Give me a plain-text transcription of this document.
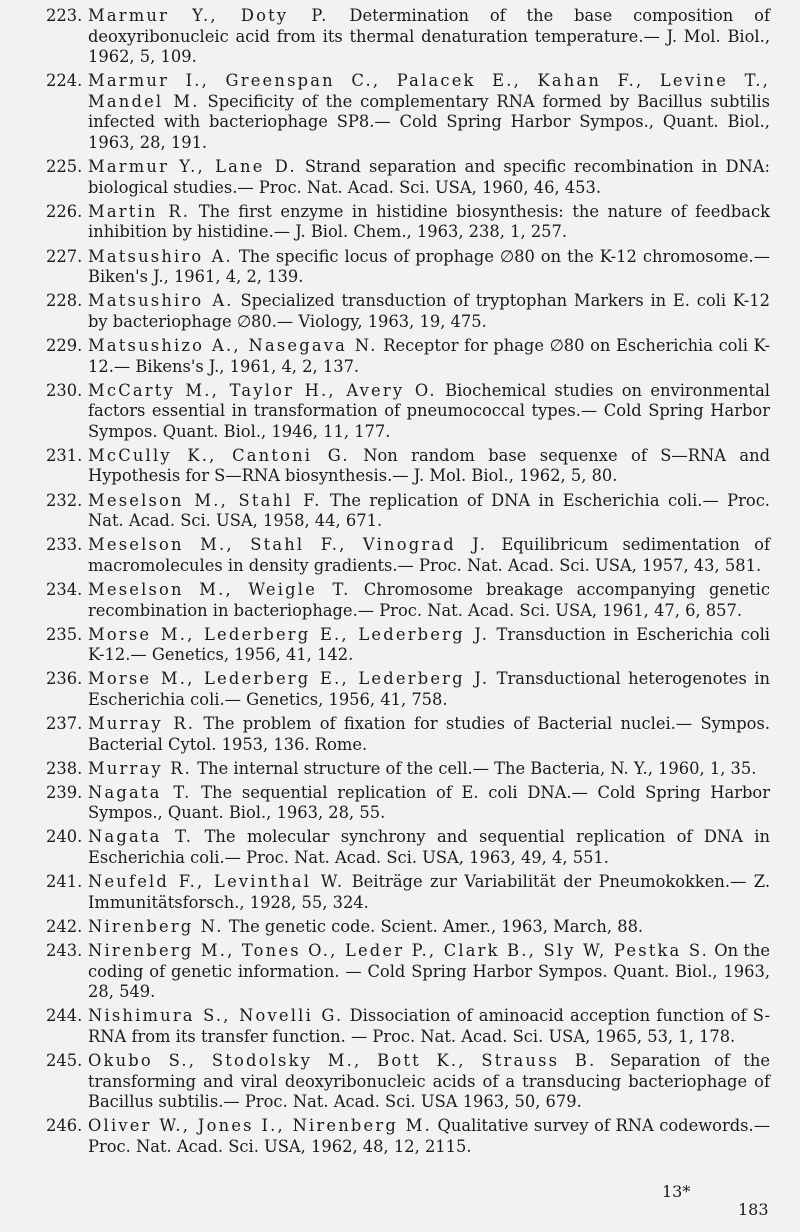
223. Marmur Y., Doty P. Determination of the base composition of deoxyribonucleic acid from its thermal denaturation temperature.— J. Mol. Biol., 1962, 5, 109.
224. Marmur I., Greenspan C., Palacek E., Kahan F., Levine T., Mandel M. Specificity of the complementary RNA formed by Bacillus subtilis infected with bacteriophage SP8.— Cold Spring Harbor Sympos., Quant. Biol., 1963, 28, 191.
225. Marmur Y., Lane D. Strand separation and specific recombination in DNA: biological studies.— Proc. Nat. Acad. Sci. USA, 1960, 46, 453.
226. Martin R. The first enzyme in histidine biosynthesis: the nature of feedback inhibition by histidine.— J. Biol. Chem., 1963, 238, 1, 257.
227. Matsushiro A. The specific locus of prophage ∅80 on the K-12 chromosome.— Biken's J., 1961, 4, 2, 139.
228. Matsushiro A. Specialized transduction of tryptophan Markers in E. coli K-12 by bacteriophage ∅80.— Viology, 1963, 19, 475.
229. Matsushizo A., Nasegava N. Receptor for phage ∅80 on Escherichia coli K-12.— Bikens's J., 1961, 4, 2, 137.
230. McCarty M., Taylor H., Avery O. Biochemical studies on environmental factors essential in transformation of pneumococcal types.— Cold Spring Harbor Sympos. Quant. Biol., 1946, 11, 177.
231. McCully K., Cantoni G. Non random base sequenxe of S—RNA and Hypothesis for S—RNA biosynthesis.— J. Mol. Biol., 1962, 5, 80.
232. Meselson M., Stahl F. The replication of DNA in Escherichia coli.— Proc. Nat. Acad. Sci. USA, 1958, 44, 671.
233. Meselson M., Stahl F., Vinograd J. Equilibricum sedimentation of macromolecules in density gradients.— Proc. Nat. Acad. Sci. USA, 1957, 43, 581.
234. Meselson M., Weigle T. Chromosome breakage accompanying genetic recombination in bacteriophage.— Proc. Nat. Acad. Sci. USA, 1961, 47, 6, 857.
235. Morse M., Lederberg E., Lederberg J. Transduction in Escherichia coli K-12.— Genetics, 1956, 41, 142.
236. Morse M., Lederberg E., Lederberg J. Transductional heterogenotes in Escherichia coli.— Genetics, 1956, 41, 758.
237. Murray R. The problem of fixation for studies of Bacterial nuclei.— Sympos. Bacterial Cytol. 1953, 136. Rome.
238. Murray R. The internal structure of the cell.— The Bacteria, N. Y., 1960, 1, 35.
239. Nagata T. The sequential replication of E. coli DNA.— Cold Spring Harbor Sympos., Quant. Biol., 1963, 28, 55.
240. Nagata T. The molecular synchrony and sequential replication of DNA in Escherichia coli.— Proc. Nat. Acad. Sci. USA, 1963, 49, 4, 551.
241. Neufeld F., Levinthal W. Beiträge zur Variabilität der Pneumokokken.— Z. Immunitätsforsch., 1928, 55, 324.
242. Nirenberg N. The genetic code. Scient. Amer., 1963, March, 88.
243. Nirenberg M., Tones O., Leder P., Clark B., Sly W, Pestka S. On the coding of genetic information. — Cold Spring Harbor Sympos. Quant. Biol., 1963, 28, 549.
244. Nishimura S., Novelli G. Dissociation of aminoacid acception function of S-RNA from its transfer function. — Proc. Nat. Acad. Sci. USA, 1965, 53, 1, 178.
245. Okubo S., Stodolsky M., Bott K., Strauss B. Separation of the transforming and viral deoxyribonucleic acids of a transducing bacteriophage of Bacillus subtilis.— Proc. Nat. Acad. Sci. USA 1963, 50, 679.
246. Oliver W., Jones I., Nirenberg M. Qualitative survey of RNA codewords.— Proc. Nat. Acad. Sci. USA, 1962, 48, 12, 2115.
13*
183
